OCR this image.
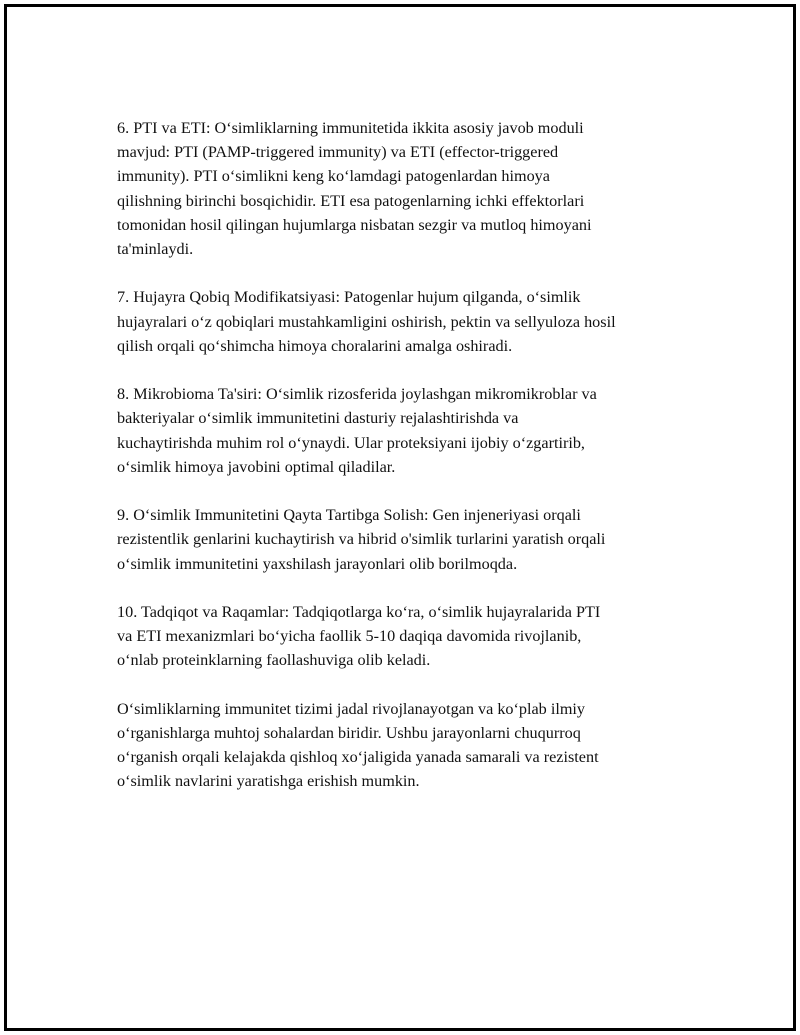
6. PTI va ETI: O‘simliklarning immunitetida ikkita asosiy javob moduli
mavjud: PTI (PAMP-triggered immunity) va ETI (effector-triggered
immunity). PTI o‘simlikni keng ko‘lamdagi patogenlardan himoya
qilishning birinchi bosqichidir. ETI esa patogenlarning ichki effektorlari
tomonidan hosil qilingan hujumlarga nisbatan sezgir va mutloq himoyani
ta'minlaydi.

7. Hujayra Qobiq Modifikatsiyasi: Patogenlar hujum qilganda, o‘simlik
hujayralari o‘z qobiqlari mustahkamligini oshirish, pektin va sellyuloza hosil
qilish orqali qo‘shimcha himoya choralarini amalga oshiradi.

8. Mikrobioma Ta'siri: O‘simlik rizosferida joylashgan mikromikroblar va
bakteriyalar o‘simlik immunitetini dasturiy rejalashtirishda va
kuchaytirishda muhim rol o‘ynaydi. Ular proteksiyani ijobiy o‘zgartirib,
o‘simlik himoya javobini optimal qiladilar.

9. O‘simlik Immunitetini Qayta Tartibga Solish: Gen injeneriyasi orqali
rezistentlik genlarini kuchaytirish va hibrid o'simlik turlarini yaratish orqali
o‘simlik immunitetini yaxshilash jarayonlari olib borilmoqda.

10. Tadqiqot va Raqamlar: Tadqiqotlarga ko‘ra, o‘simlik hujayralarida PTI
va ETI mexanizmlari bo‘yicha faollik 5-10 daqiqa davomida rivojlanib,
o‘nlab proteinklarning faollashuviga olib keladi.

O‘simliklarning immunitet tizimi jadal rivojlanayotgan va ko‘plab ilmiy
o‘rganishlarga muhtoj sohalardan biridir. Ushbu jarayonlarni chuqurroq
o‘rganish orqali kelajakda qishloq xo‘jaligida yanada samarali va rezistent
o‘simlik navlarini yaratishga erishish mumkin.
